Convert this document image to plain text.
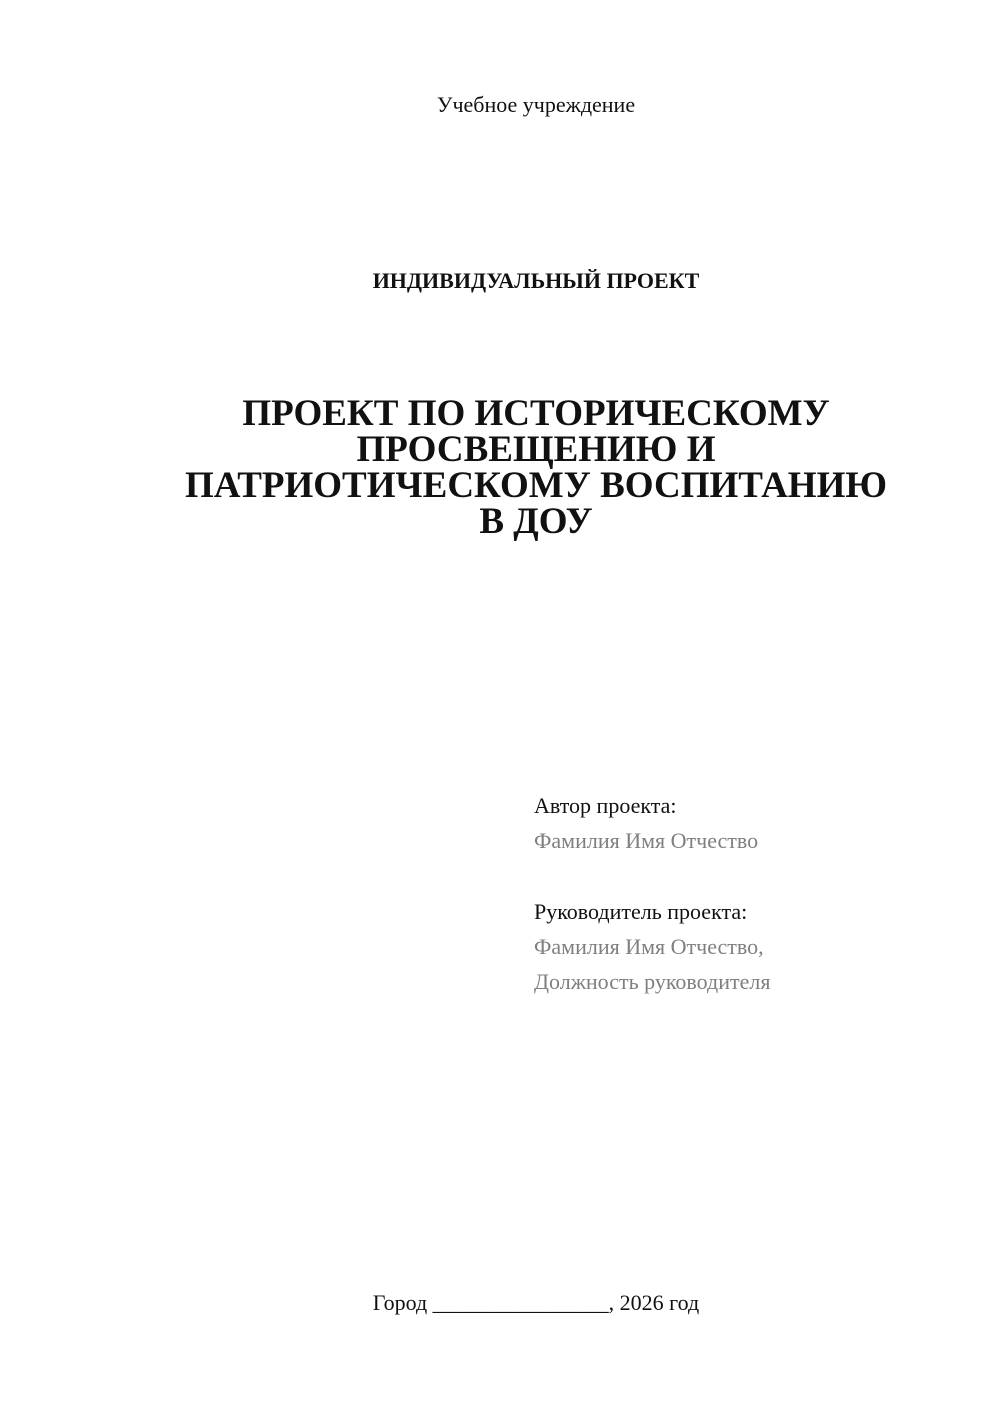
Учебное учреждение
ИНДИВИДУАЛЬНЫЙ ПРОЕКТ
ПРОЕКТ ПО ИСТОРИЧЕСКОМУ
ПРОСВЕЩЕНИЮ И
ПАТРИОТИЧЕСКОМУ ВОСПИТАНИЮ
В ДОУ
Автор проекта:
Фамилия Имя Отчество
Руководитель проекта:
Фамилия Имя Отчество,
Должность руководителя
Город ________________, 2026 год
